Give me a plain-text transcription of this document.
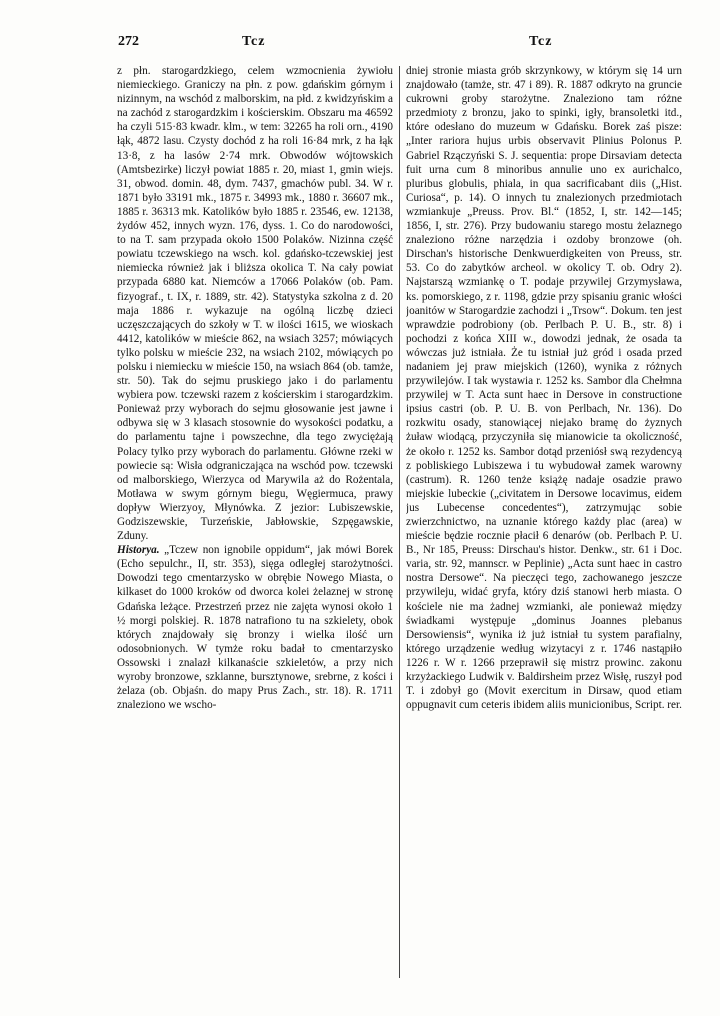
272	Tcz	Tcz

z płn. starogardzkiego, celem wzmocnienia żywiołu niemieckiego. Graniczy na płn. z pow. gdańskim górnym i nizinnym, na wschód z malborskim, na płd. z kwidzyńskim a na zachód z starogardzkim i kościerskim. Obszaru ma 46592 ha czyli 515·83 kwadr. klm., w tem: 32265 ha roli orn., 4190 łąk, 4872 lasu. Czysty dochód z ha roli 16·84 mrk, z ha łąk 13·8, z ha lasów 2·74 mrk. Obwodów wójtowskich (Amtsbezirke) liczył powiat 1885 r. 20, miast 1, gmin wiejs. 31, obwod. domin. 48, dym. 7437, gmachów publ. 34. W r. 1871 było 33191 mk., 1875 r. 34993 mk., 1880 r. 36607 mk., 1885 r. 36313 mk. Katolików było 1885 r. 23546, ew. 12138, żydów 452, innych wyzn. 176, dyss. 1. Co do narodowości, to na T. sam przypada około 1500 Polaków. Nizinna część powiatu tczewskiego na wsch. kol. gdańsko-tczewskiej jest niemiecka również jak i bliższa okolica T. Na cały powiat przypada 6880 kat. Niemców a 17066 Polaków (ob. Pam. fizyograf., t. IX, r. 1889, str. 42). Statystyka szkolna z d. 20 maja 1886 r. wykazuje na ogólną liczbę dzieci uczęszczających do szkoły w T. w ilości 1615, we wioskach 4412, katolików w mieście 862, na wsiach 3257; mówiących tylko polsku w mieście 232, na wsiach 2102, mówiących po polsku i niemiecku w mieście 150, na wsiach 864 (ob. tamże, str. 50). Tak do sejmu pruskiego jako i do parlamentu wybiera pow. tczewski razem z kościerskim i starogardzkim. Ponieważ przy wyborach do sejmu głosowanie jest jawne i odbywa się w 3 klasach stosownie do wysokości podatku, a do parlamentu tajne i powszechne, dla tego zwyciężają Polacy tylko przy wyborach do parlamentu. Główne rzeki w powiecie są: Wisła odgraniczająca na wschód pow. tczewski od malborskiego, Wierzyca od Marywila aż do Rożentala, Motława w swym górnym biegu, Węgiermuca, prawy dopływ Wierzyoy, Młynówka. Z jezior: Lubiszewskie, Godziszewskie, Turzeńskie, Jabłowskie, Szpęgawskie, Zduny.

Historya. „Tczew non ignobile oppidum“, jak mówi Borek (Echo sepulchr., II, str. 353), sięga odległej starożytności. Dowodzi tego cmentarzysko w obrębie Nowego Miasta, o kilkaset do 1000 kroków od dworca kolei żelaznej w stronę Gdańska leżące. Przestrzeń przez nie zajęta wynosi około 1 ½ morgi polskiej. R. 1878 natrafiono tu na szkielety, obok których znajdowały się bronzy i wielka ilość urn odosobnionych. W tymże roku badał to cmentarzysko Ossowski i znalazł kilkanaście szkieletów, a przy nich wyroby bronzowe, szklanne, bursztynowe, srebrne, z kości i żelaza (ob. Objaśn. do mapy Prus Zach., str. 18). R. 1711 znaleziono we wscho-

dniej stronie miasta grób skrzynkowy, w którym się 14 urn znajdowało (tamże, str. 47 i 89). R. 1887 odkryto na gruncie cukrowni groby starożytne. Znaleziono tam różne przedmioty z bronzu, jako to spinki, igły, bransoletki itd., które odesłano do muzeum w Gdańsku. Borek zaś pisze: „Inter rariora hujus urbis observavit Plinius Polonus P. Gabriel Rzączyński S. J. sequentia: prope Dirsaviam detecta fuit urna cum 8 minoribus annulie uno ex aurichalco, pluribus globulis, phiala, in qua sacrificabant diis („Hist. Curiosa“, p. 14). O innych tu znalezionych przedmiotach wzmiankuje „Preuss. Prov. Bl.“ (1852, I, str. 142—145; 1856, I, str. 276). Przy budowaniu starego mostu żelaznego znaleziono różne narzędzia i ozdoby bronzowe (oh. Dirschan's historische Denkwuerdigkeiten von Preuss, str. 53. Co do zabytków archeol. w okolicy T. ob. Odry 2). Najstarszą wzmiankę o T. podaje przywilej Grzymysława, ks. pomorskiego, z r. 1198, gdzie przy spisaniu granic włości joanitów w Starogardzie zachodzi i „Trsow“. Dokum. ten jest wprawdzie podrobiony (ob. Perlbach P. U. B., str. 8) i pochodzi z końca XIII w., dowodzi jednak, że osada ta wówczas już istniała. Że tu istniał już gród i osada przed nadaniem jej praw miejskich (1260), wynika z różnych przywilejów. I tak wystawia r. 1252 ks. Sambor dla Chełmna przywilej w T. Acta sunt haec in Dersove in constructione ipsius castri (ob. P. U. B. von Perlbach, Nr. 136). Do rozkwitu osady, stanowiącej niejako bramę do żyznych żuław wiodącą, przyczyniła się mianowicie ta okoliczność, że około r. 1252 ks. Sambor dotąd przeniósł swą rezydencyą z pobliskiego Lubiszewa i tu wybudował zamek warowny (castrum). R. 1260 tenże książę nadaje osadzie prawo miejskie lubeckie („civitatem in Dersowe locavimus, eidem jus Lubecense concedentes“), zatrzymując sobie zwierzchnictwo, na uznanie którego każdy plac (area) w mieście będzie rocznie płacił 6 denarów (ob. Perlbach P. U. B., Nr 185, Preuss: Dirschau's histor. Denkw., str. 61 i Doc. varia, str. 92, mannscr. w Peplinie) „Acta sunt haec in castro nostra Dersowe“. Na pieczęci tego, zachowanego jeszcze przywileju, widać gryfa, który dziś stanowi herb miasta. O kościele nie ma żadnej wzmianki, ale ponieważ między świadkami występuje „dominus Joannes plebanus Dersowiensis“, wynika iż już istniał tu system parafialny, którego urządzenie według wizytacyi z r. 1746 nastąpiło 1226 r. W r. 1266 przeprawił się mistrz prowinc. zakonu krzyżackiego Ludwik v. Baldirsheim przez Wisłę, ruszył pod T. i zdobył go (Movit exercitum in Dirsaw, quod etiam oppugnavit cum ceteris ibidem aliis municionibus, Script. rer.
